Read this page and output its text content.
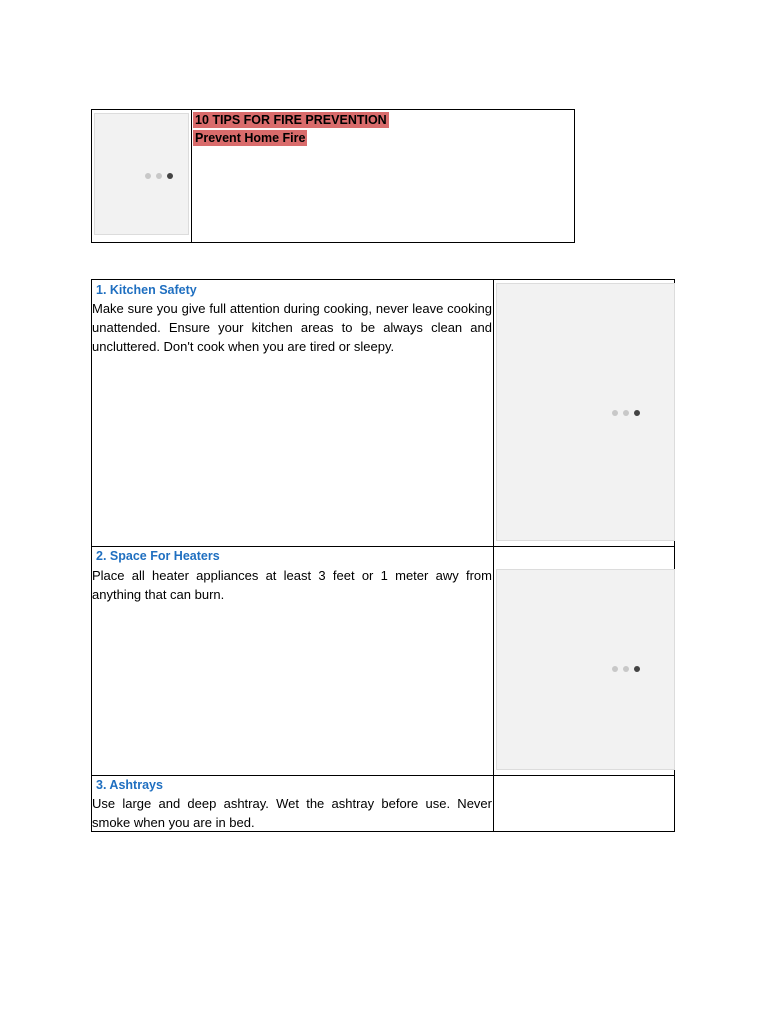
10 TIPS FOR FIRE PREVENTION
Prevent Home Fire
1. Kitchen Safety
Make sure you give full attention during cooking, never leave cooking unattended. Ensure your kitchen areas to be always clean and uncluttered. Don't cook when you are tired or sleepy.
2. Space For Heaters
Place all heater appliances at least 3 feet or 1 meter awy from anything that can burn.
3. Ashtrays
Use large and deep ashtray. Wet the ashtray before use. Never smoke when you are in bed.
